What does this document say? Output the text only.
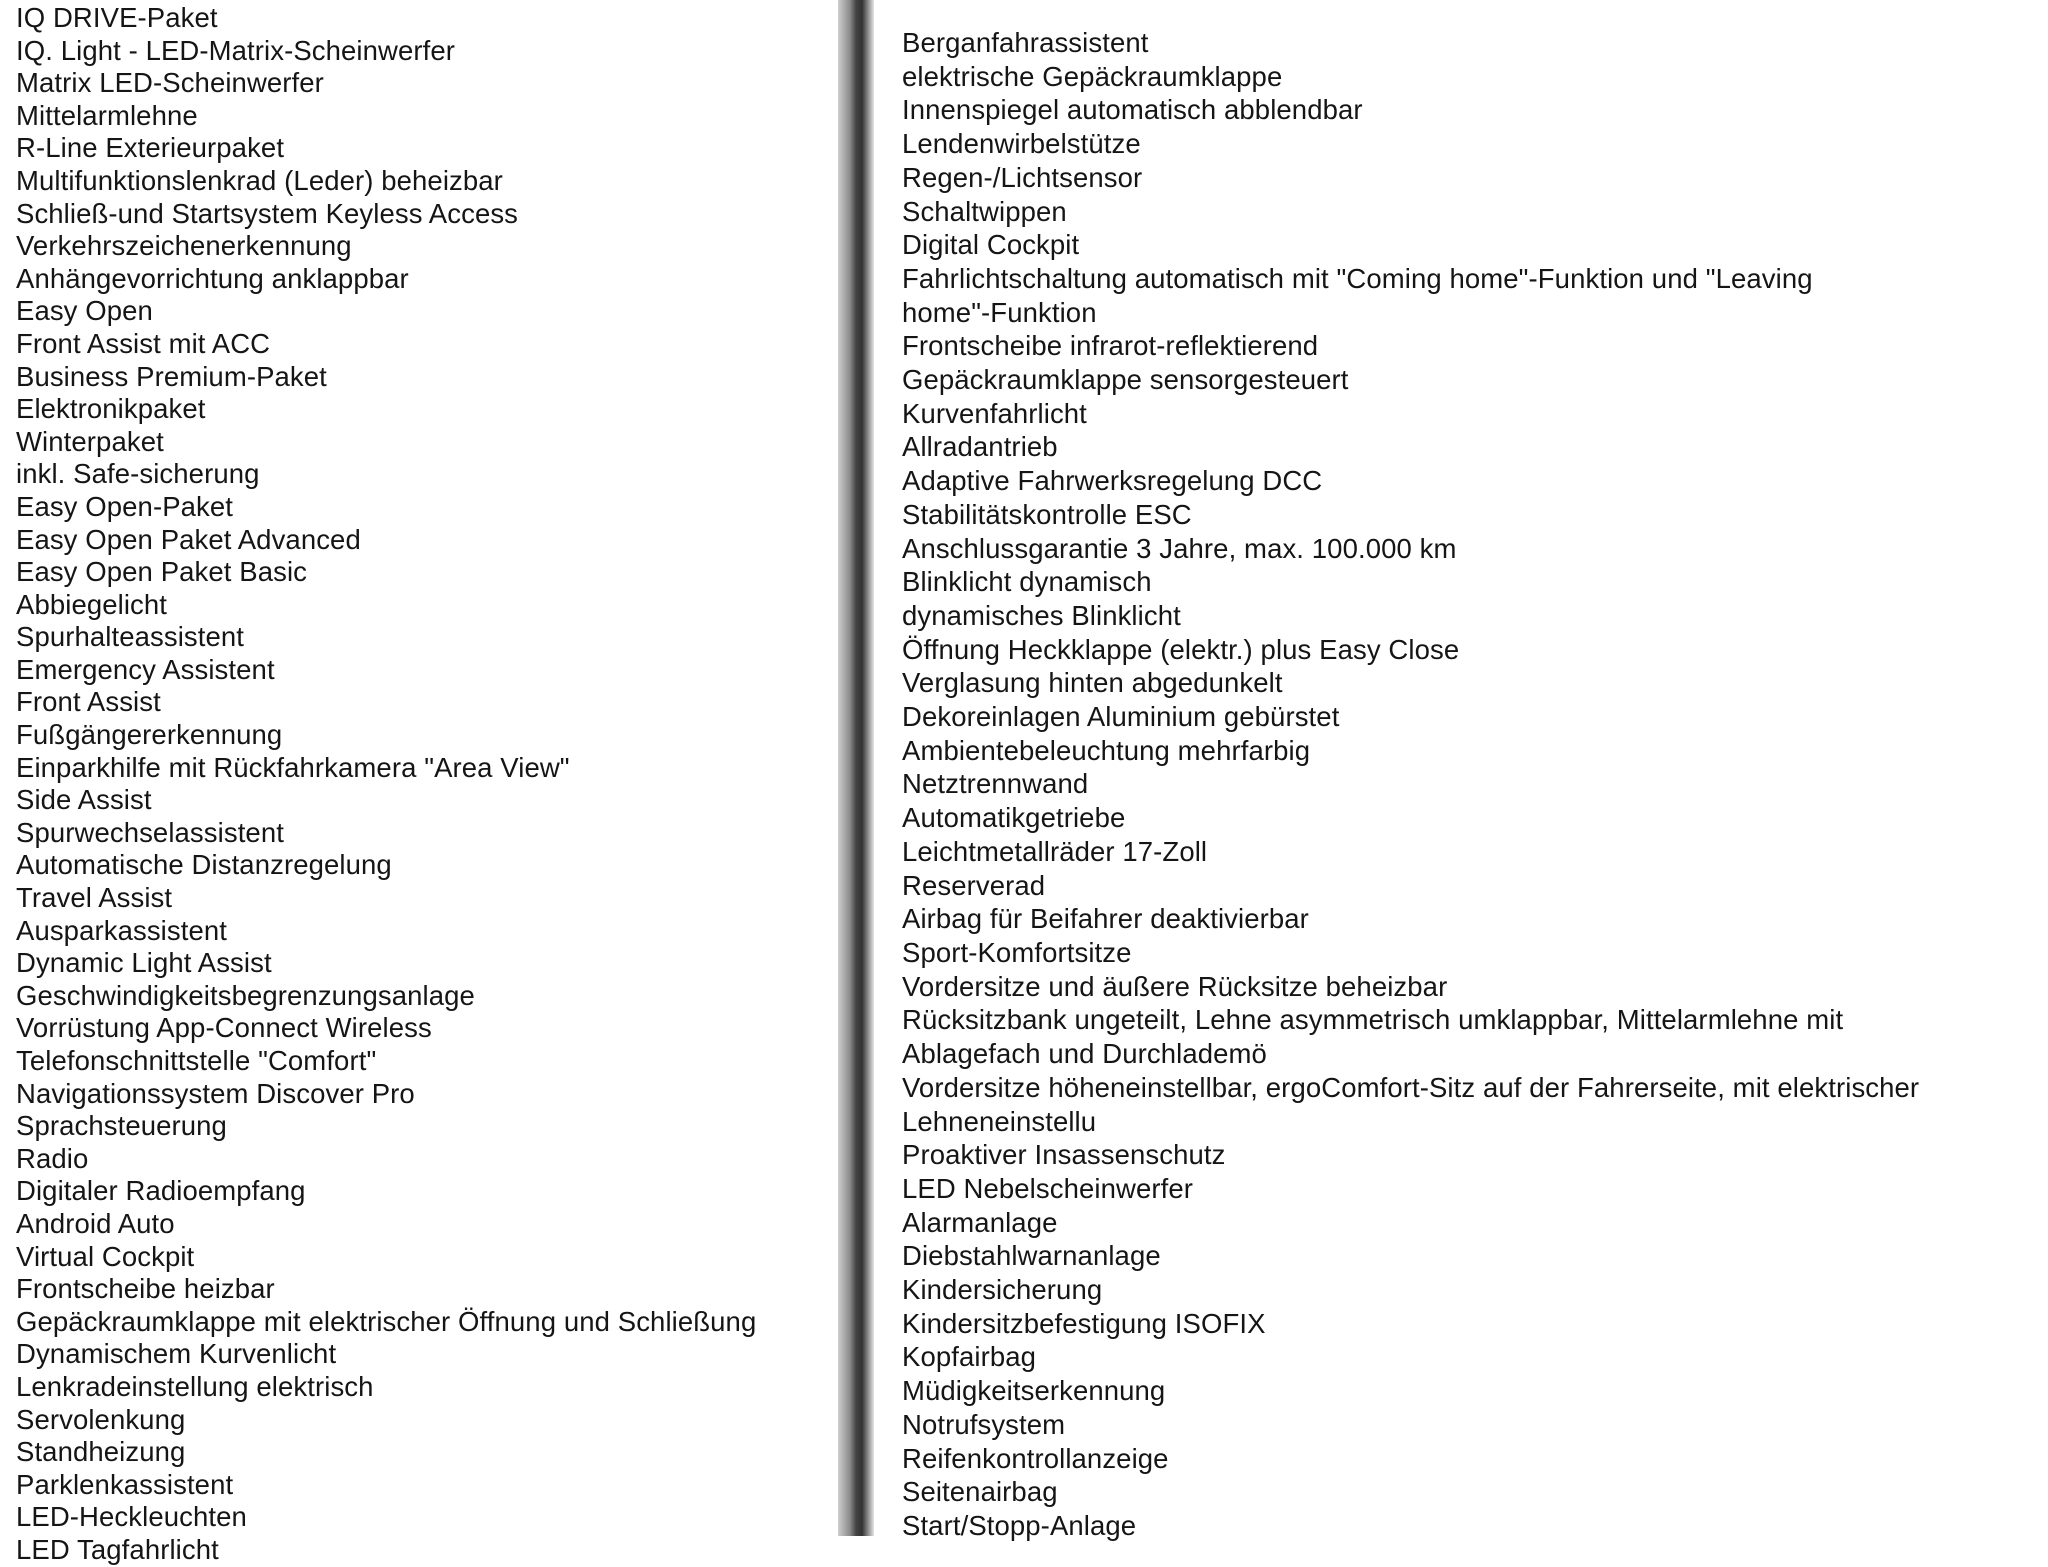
IQ DRIVE-Paket
IQ. Light - LED-Matrix-Scheinwerfer
Matrix LED-Scheinwerfer
Mittelarmlehne
R-Line Exterieurpaket
Multifunktionslenkrad (Leder) beheizbar
Schließ-und Startsystem Keyless Access
Verkehrszeichenerkennung
Anhängevorrichtung anklappbar
Easy Open
Front Assist mit ACC
Business Premium-Paket
Elektronikpaket
Winterpaket
inkl. Safe-sicherung
Easy Open-Paket
Easy Open Paket Advanced
Easy Open Paket Basic
Abbiegelicht
Spurhalteassistent
Emergency Assistent
Front Assist
Fußgängererkennung
Einparkhilfe mit Rückfahrkamera "Area View"
Side Assist
Spurwechselassistent
Automatische Distanzregelung
Travel Assist
Ausparkassistent
Dynamic Light Assist
Geschwindigkeitsbegrenzungsanlage
Vorrüstung App-Connect Wireless
Telefonschnittstelle "Comfort"
Navigationssystem Discover Pro
Sprachsteuerung
Radio
Digitaler Radioempfang
Android Auto
Virtual Cockpit
Frontscheibe heizbar
Gepäckraumklappe mit elektrischer Öffnung und Schließung
Dynamischem Kurvenlicht
Lenkradeinstellung elektrisch
Servolenkung
Standheizung
Parklenkassistent
LED-Heckleuchten
LED Tagfahrlicht
Berganfahrassistent
elektrische Gepäckraumklappe
Innenspiegel automatisch abblendbar
Lendenwirbelstütze
Regen-/Lichtsensor
Schaltwippen
Digital Cockpit
Fahrlichtschaltung automatisch mit "Coming home"-Funktion und "Leaving
home"-Funktion
Frontscheibe infrarot-reflektierend
Gepäckraumklappe sensorgesteuert
Kurvenfahrlicht
Allradantrieb
Adaptive Fahrwerksregelung DCC
Stabilitätskontrolle ESC
Anschlussgarantie 3 Jahre, max. 100.000 km
Blinklicht dynamisch
dynamisches Blinklicht
Öffnung Heckklappe (elektr.) plus Easy Close
Verglasung hinten abgedunkelt
Dekoreinlagen Aluminium gebürstet
Ambientebeleuchtung mehrfarbig
Netztrennwand
Automatikgetriebe
Leichtmetallräder 17-Zoll
Reserverad
Airbag für Beifahrer deaktivierbar
Sport-Komfortsitze
Vordersitze und äußere Rücksitze beheizbar
Rücksitzbank ungeteilt, Lehne asymmetrisch umklappbar, Mittelarmlehne mit
Ablagefach und Durchlademö
Vordersitze höheneinstellbar, ergoComfort-Sitz auf der Fahrerseite, mit elektrischer
Lehneneinstellu
Proaktiver Insassenschutz
LED Nebelscheinwerfer
Alarmanlage
Diebstahlwarnanlage
Kindersicherung
Kindersitzbefestigung ISOFIX
Kopfairbag
Müdigkeitserkennung
Notrufsystem
Reifenkontrollanzeige
Seitenairbag
Start/Stopp-Anlage
